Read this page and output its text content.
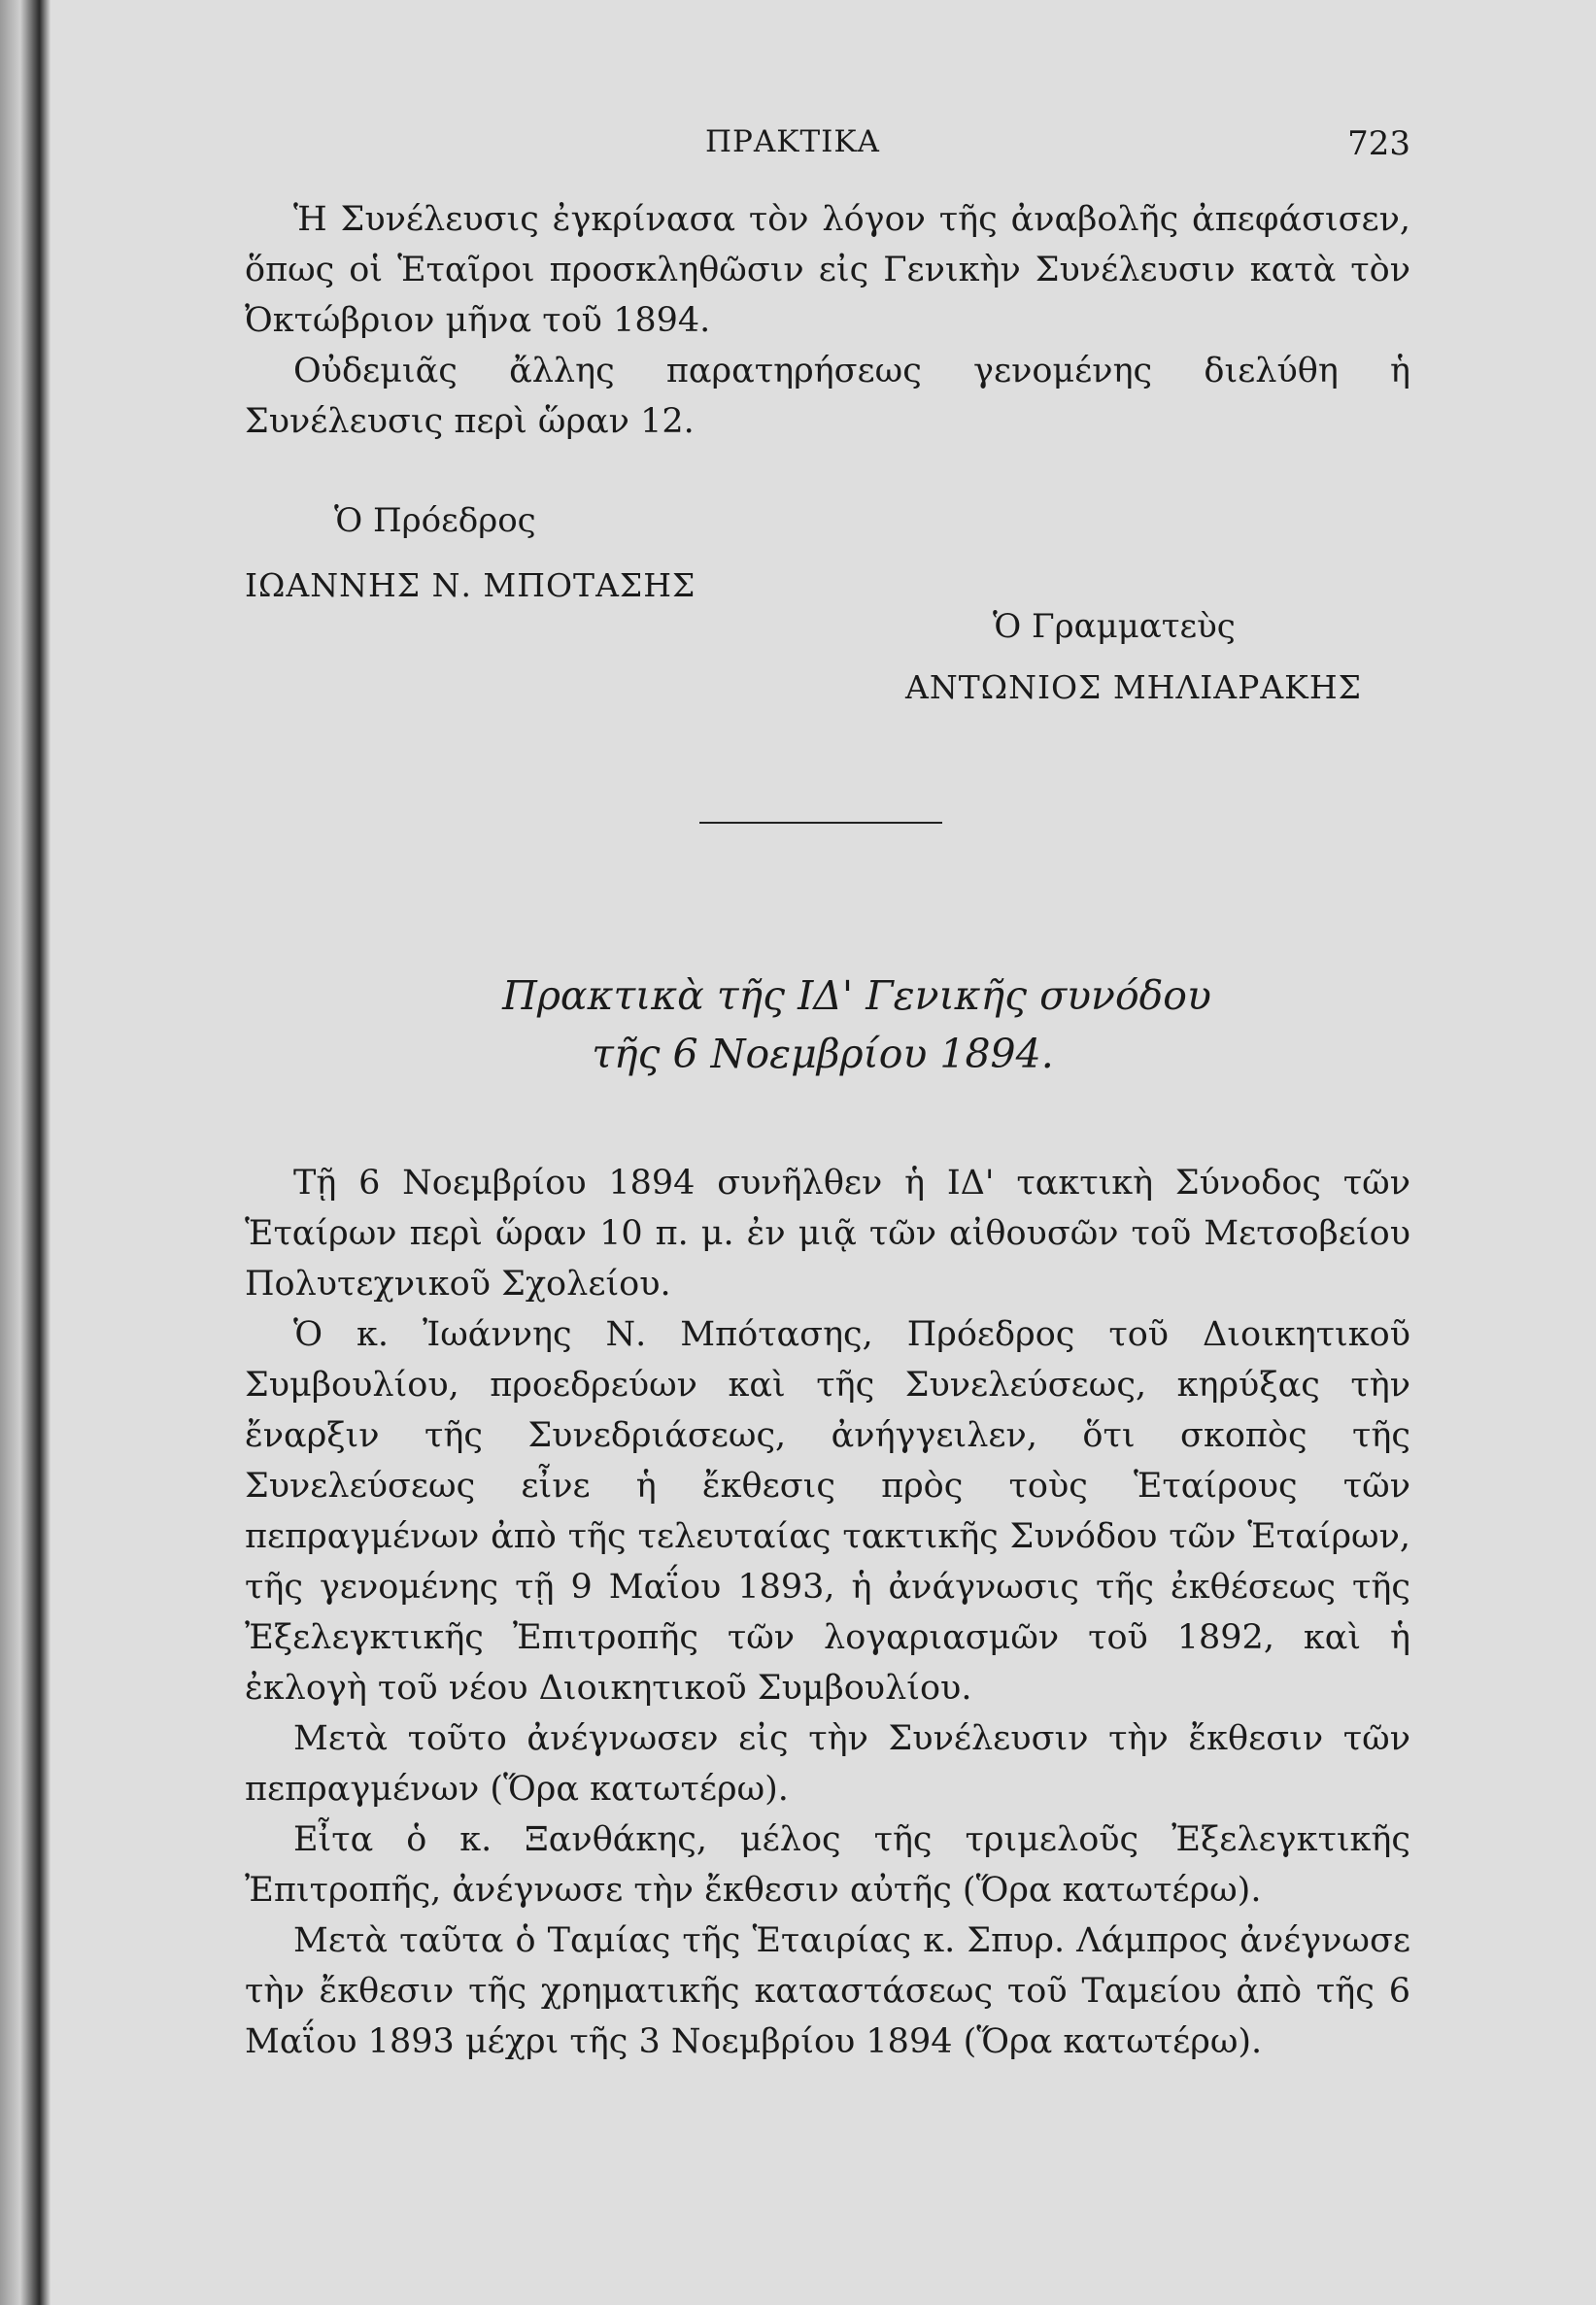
ΠΡΑΚΤΙΚΑ	723

Ἡ Συνέλευσις ἐγκρίνασα τὸν λόγον τῆς ἀναβολῆς ἀπεφάσισεν, ὅπως οἱ Ἑταῖροι προσκληθῶσιν εἰς Γενικὴν Συνέλευσιν κατὰ τὸν Ὀκτώβριον μῆνα τοῦ 1894.

Οὐδεμιᾶς ἄλλης παρατηρήσεως γενομένης διελύθη ἡ Συνέλευσις περὶ ὥραν 12.

Ὁ Πρόεδρος
ΙΩΑΝΝΗΣ Ν. ΜΠΟΤΑΣΗΣ
Ὁ Γραμματεὺς
ΑΝΤΩΝΙΟΣ ΜΗΛΙΑΡΑΚΗΣ
Πρακτικὰ τῆς ΙΔ' Γενικῆς συνόδου
τῆς 6 Νοεμβρίου 1894.

Τῇ 6 Νοεμβρίου 1894 συνῆλθεν ἡ ΙΔ' τακτικὴ Σύνοδος τῶν Ἑταίρων περὶ ὥραν 10 π. μ. ἐν μιᾷ τῶν αἰθουσῶν τοῦ Μετσοβείου Πολυτεχνικοῦ Σχολείου.

Ὁ κ. Ἰωάννης Ν. Μπότασης, Πρόεδρος τοῦ Διοικητικοῦ Συμβουλίου, προεδρεύων καὶ τῆς Συνελεύσεως, κηρύξας τὴν ἔναρξιν τῆς Συνεδριάσεως, ἀνήγγειλεν, ὅτι σκοπὸς τῆς Συνελεύσεως εἶνε ἡ ἔκθεσις πρὸς τοὺς Ἑταίρους τῶν πεπραγμένων ἀπὸ τῆς τελευταίας τακτικῆς Συνόδου τῶν Ἑταίρων, τῆς γενομένης τῇ 9 Μαΐου 1893, ἡ ἀνάγνωσις τῆς ἐκθέσεως τῆς Ἐξελεγκτικῆς Ἐπιτροπῆς τῶν λογαριασμῶν τοῦ 1892, καὶ ἡ ἐκλογὴ τοῦ νέου Διοικητικοῦ Συμβουλίου.

Μετὰ τοῦτο ἀνέγνωσεν εἰς τὴν Συνέλευσιν τὴν ἔκθεσιν τῶν πεπραγμένων (Ὅρα κατωτέρω).

Εἶτα ὁ κ. Ξανθάκης, μέλος τῆς τριμελοῦς Ἐξελεγκτικῆς Ἐπιτροπῆς, ἀνέγνωσε τὴν ἔκθεσιν αὐτῆς (Ὅρα κατωτέρω).

Μετὰ ταῦτα ὁ Ταμίας τῆς Ἑταιρίας κ. Σπυρ. Λάμπρος ἀνέγνωσε τὴν ἔκθεσιν τῆς χρηματικῆς καταστάσεως τοῦ Ταμείου ἀπὸ τῆς 6 Μαΐου 1893 μέχρι τῆς 3 Νοεμβρίου 1894 (Ὅρα κατωτέρω).
